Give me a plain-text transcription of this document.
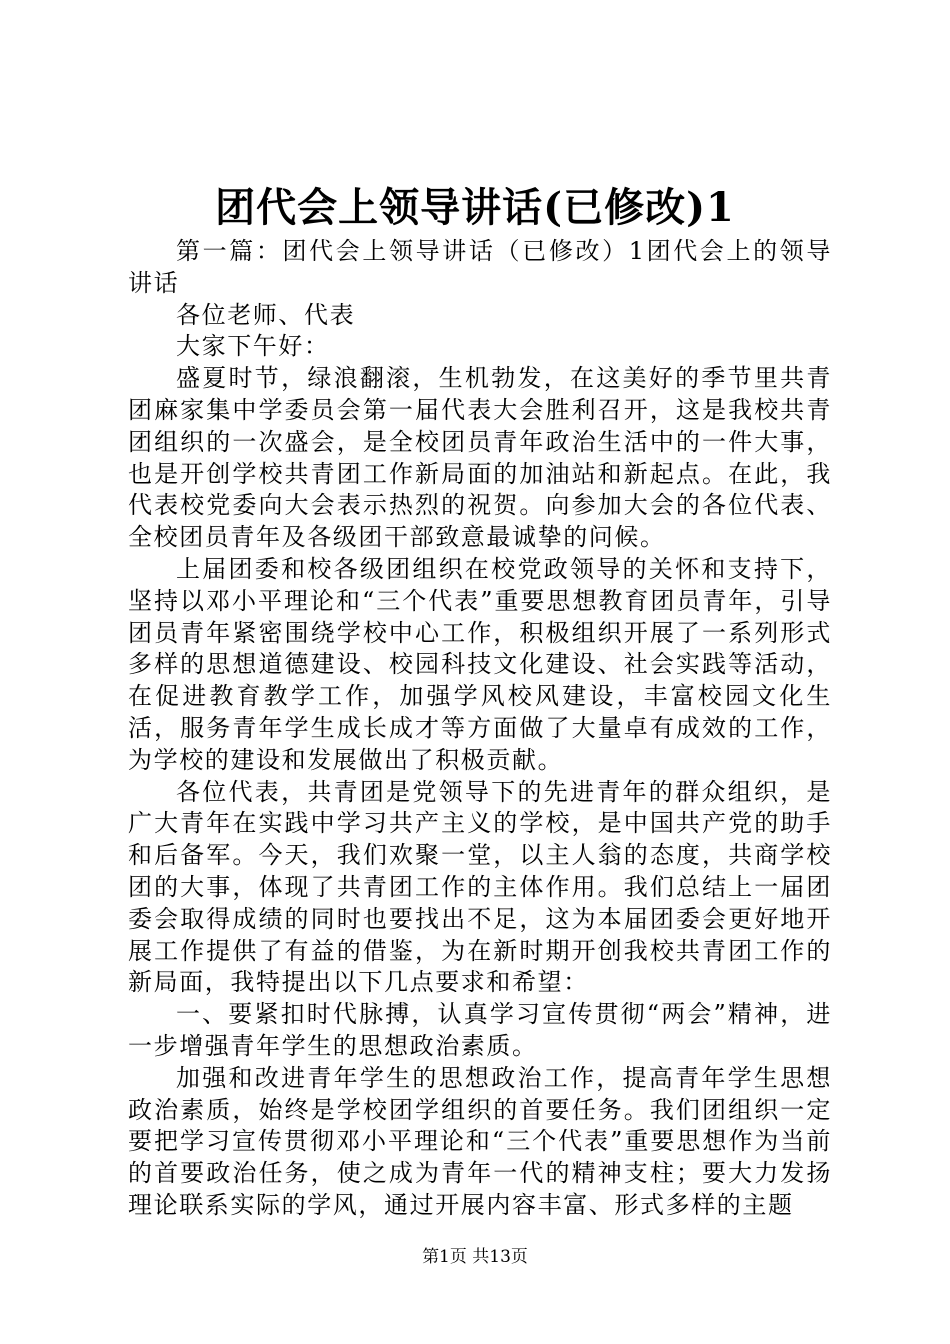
团代会上领导讲话(已修改)1

第一篇：团代会上领导讲话（已修改）1团代会上的领导讲话

各位老师、代表

大家下午好：

盛夏时节，绿浪翻滚，生机勃发，在这美好的季节里共青团麻家集中学委员会第一届代表大会胜利召开，这是我校共青团组织的一次盛会，是全校团员青年政治生活中的一件大事，也是开创学校共青团工作新局面的加油站和新起点。在此，我代表校党委向大会表示热烈的祝贺。向参加大会的各位代表、全校团员青年及各级团干部致意最诚挚的问候。

上届团委和校各级团组织在校党政领导的关怀和支持下，坚持以邓小平理论和“三个代表”重要思想教育团员青年，引导团员青年紧密围绕学校中心工作，积极组织开展了一系列形式多样的思想道德建设、校园科技文化建设、社会实践等活动，在促进教育教学工作，加强学风校风建设，丰富校园文化生活，服务青年学生成长成才等方面做了大量卓有成效的工作，为学校的建设和发展做出了积极贡献。

各位代表，共青团是党领导下的先进青年的群众组织，是广大青年在实践中学习共产主义的学校，是中国共产党的助手和后备军。今天，我们欢聚一堂，以主人翁的态度，共商学校团的大事，体现了共青团工作的主体作用。我们总结上一届团委会取得成绩的同时也要找出不足，这为本届团委会更好地开展工作提供了有益的借鉴，为在新时期开创我校共青团工作的新局面，我特提出以下几点要求和希望：

一、要紧扣时代脉搏，认真学习宣传贯彻“两会”精神，进一步增强青年学生的思想政治素质。

加强和改进青年学生的思想政治工作，提高青年学生思想政治素质，始终是学校团学组织的首要任务。我们团组织一定要把学习宣传贯彻邓小平理论和“三个代表”重要思想作为当前的首要政治任务，使之成为青年一代的精神支柱；要大力发扬理论联系实际的学风，通过开展内容丰富、形式多样的主题

第1页 共13页
